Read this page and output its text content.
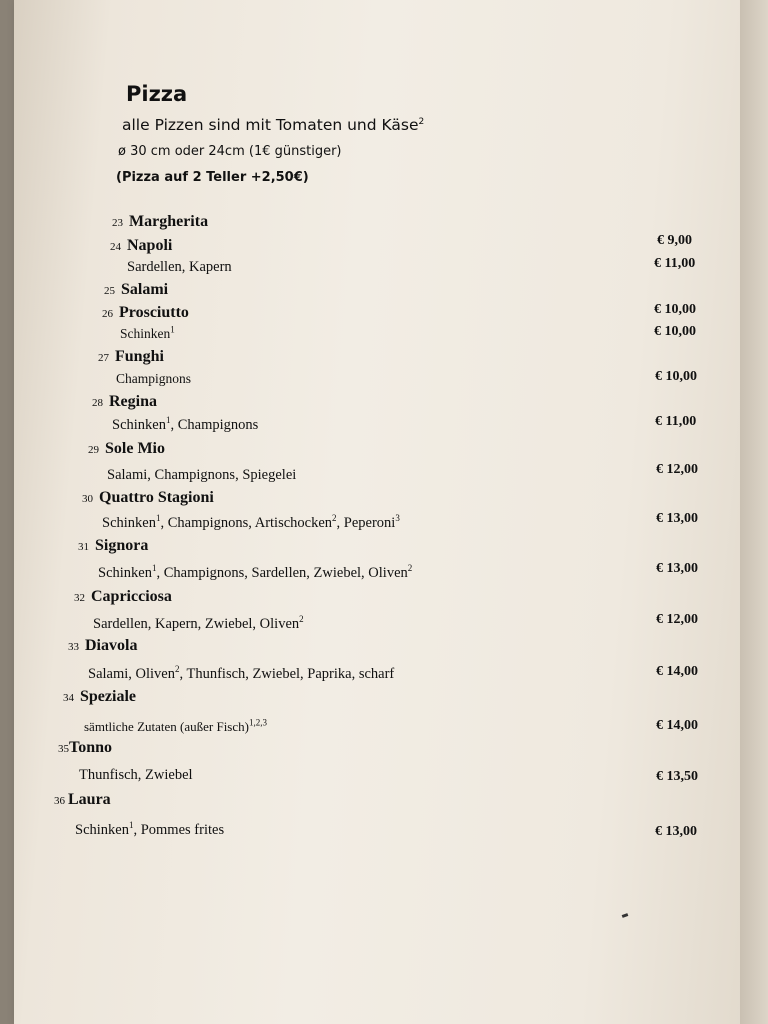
Pizza
alle Pizzen sind mit Tomaten und Käse$^2$
ø 30 cm oder 24cm (1€ günstiger)
(Pizza auf 2 Teller +2,50€)
23 Margherita
€ 9,00
24 Napoli
Sardellen, Kapern	€ 11,00
25 Salami
€ 10,00
26 Prosciutto
Schinken$^1$	€ 10,00
27 Funghi
Champignons	€ 10,00
28 Regina
Schinken$^1$, Champignons	€ 11,00
29 Sole Mio
Salami, Champignons, Spiegelei	€ 12,00
30 Quattro Stagioni
Schinken$^1$, Champignons, Artischocken$^2$, Peperoni$^3$	€ 13,00
31 Signora
Schinken$^1$, Champignons, Sardellen, Zwiebel, Oliven$^2$	€ 13,00
32 Capricciosa
Sardellen, Kapern, Zwiebel, Oliven$^2$	€ 12,00
33 Diavola
Salami, Oliven$^2$, Thunfisch, Zwiebel, Paprika, scharf	€ 14,00
34 Speziale
sämtliche Zutaten (außer Fisch)$^{1,2,3}$	€ 14,00
35Tonno
Thunfisch, Zwiebel	€ 13,50
36 Laura
Schinken$^1$, Pommes frites	€ 13,00
